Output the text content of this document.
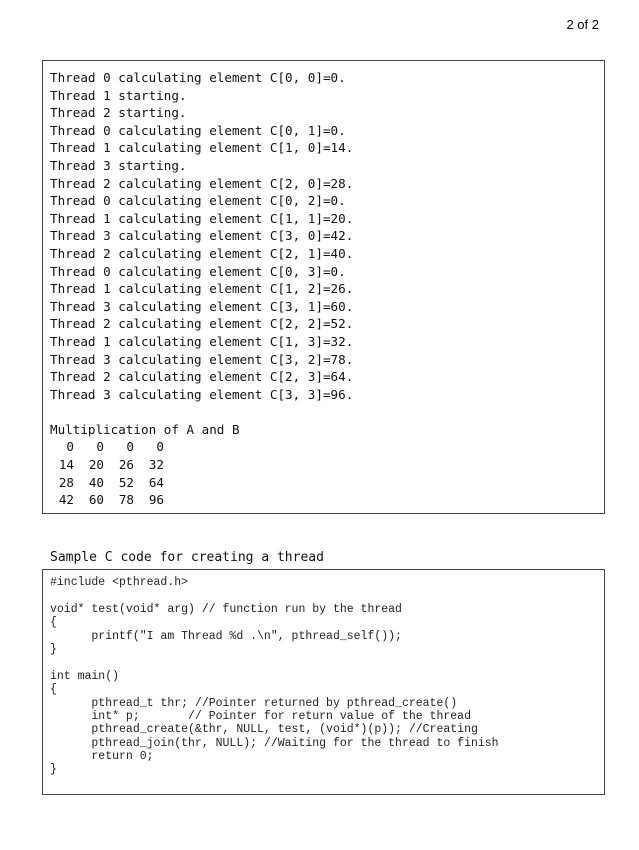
2 of 2
Thread 0 calculating element C[0, 0]=0.
Thread 1 starting.
Thread 2 starting.
Thread 0 calculating element C[0, 1]=0.
Thread 1 calculating element C[1, 0]=14.
Thread 3 starting.
Thread 2 calculating element C[2, 0]=28.
Thread 0 calculating element C[0, 2]=0.
Thread 1 calculating element C[1, 1]=20.
Thread 3 calculating element C[3, 0]=42.
Thread 2 calculating element C[2, 1]=40.
Thread 0 calculating element C[0, 3]=0.
Thread 1 calculating element C[1, 2]=26.
Thread 3 calculating element C[3, 1]=60.
Thread 2 calculating element C[2, 2]=52.
Thread 1 calculating element C[1, 3]=32.
Thread 3 calculating element C[3, 2]=78.
Thread 2 calculating element C[2, 3]=64.
Thread 3 calculating element C[3, 3]=96.
Multiplication of A and B
0	0	0	0
14	20	26	32
28	40	52	64
42	60	78	96
Sample C code for creating a thread
#include <pthread.h>
void* test(void* arg) // function run by the thread
{
printf("I am Thread %d .\n", pthread_self());
}
int main()
{
pthread_t thr; //Pointer returned by pthread_create()
int* p;       // Pointer for return value of the thread
pthread_create(&thr, NULL, test, (void*)(p)); //Creating
pthread_join(thr, NULL); //Waiting for the thread to finish
return 0;
}
